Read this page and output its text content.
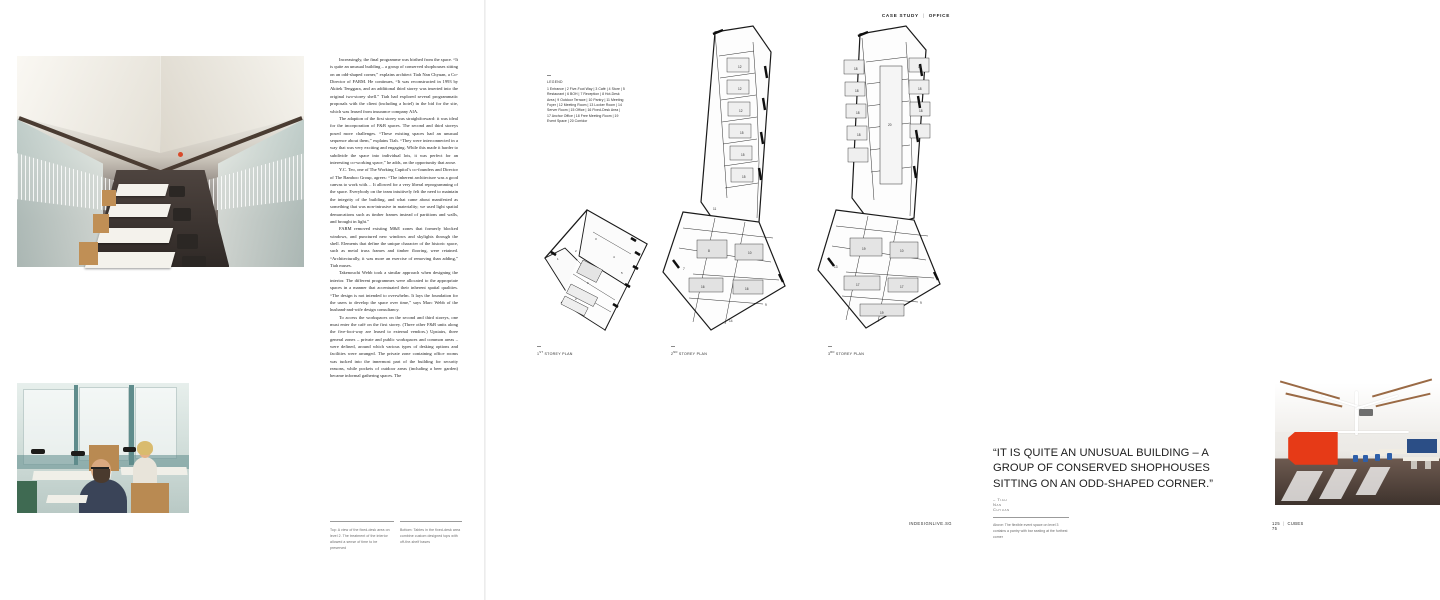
Increasingly, the final programme was birthed from the space. “It is quite an unusual building – a group of conserved shophouses sitting on an odd-shaped corner,” explains architect Tiah Nan Chyuan, a Co-Director of FARM. He continues, “It was reconstructed in 1993 by Akitek Tenggara, and an additional third storey was inserted into the original two-storey shell.” Tiah had explored several programmatic proposals with the client (including a hotel) in the bid for the site, which was leased from insurance company AIA.

The adaption of the first storey was straightforward: it was ideal for the incorporation of F&B spaces. The second and third storeys posed more challenges. “These existing spaces had an unusual sequence about them,” explains Tiah. “They were interconnected in a way that was very exciting and engaging. While this made it harder to subdivide the space into individual lots, it was perfect for an interesting co-working space,” he adds, on the opportunity that arose.

Y.C. Teo, one of The Working Capitol’s co-founders and Director of The Bamboo Group, agrees: “The inherent architecture was a good canvas to work with… It allowed for a very liberal reprogramming of the space. Everybody on the team intuitively felt the need to maintain the integrity of the building, and what came about manifested as something that was non-intrusive in materiality; we used light spatial demarcations such as timber frames instead of partitions and walls, and brought in light.”

FARM removed existing M&E zones that formerly blocked windows, and punctured new windows and skylights through the shell. Elements that define the unique character of the historic space, such as metal truss frames and timber flooring, were retained. “Architecturally, it was more an exercise of removing than adding,” Tiah muses.

Takenouchi Webb took a similar approach when designing the interior. The different programmes were allocated to the appropriate spaces in a manner that accentuated their inherent spatial qualities. “The design is not intended to overwhelm. It lays the foundation for the users to develop the space over time,” says Marc Webb of the husband-and-wife design consultancy.

To access the workspaces on the second and third storeys, one must enter the café on the first storey. (Three other F&B units along the five-foot-way are leased to external vendors.) Upstairs, three general zones – private and public workspaces and common areas – were defined, around which various types of desking options and facilities were arranged. The private zone containing office rooms was tucked into the innermost part of the building for security reasons, while pockets of outdoor areas (including a beer garden) became informal gathering spaces. The

Top: A view of the fixed-desk area on level 2. The treatment of the interior allowed a sense of time to be preserved
Bottom: Tables in the fixed-desk area combine custom designed tops with off-the-shelf bases
CASE STUDY | OFFICE
LEGEND
1 Entrance | 2 Five-Foot Way | 3 Café | 4 Store | 5 Restaurant | 6 BOH | 7 Reception | 8 Hot-Desk Area | 9 Outdoor Terrace | 10 Pantry | 11 Meeting Foyer | 12 Meeting Room | 13 Locker Room | 14 Server Room | 15 Office | 16 Fixed-Desk Area | 17 Anchor Office | 18 Free Meeting Room | 19 Event Space | 20 Corridor
1
2
3
4
5
6
2
1ST STOREY PLAN
12
12
12
15
15
15
11
8	10
16	16
7
9
14
2ND STOREY PLAN
18
18
18
18
18
18
18
20
19	10
17	17
13
9
19
3RD STOREY PLAN
“IT IS QUITE AN UNUSUAL BUILDING – A GROUP OF CONSERVED SHOPHOUSES SITTING ON AN ODD-SHAPED CORNER.”
– Tiah Nan Chyuan
Above: The flexible event space on level 3 contains a pantry with bar seating at the furthest corner
125 | CUBES 75
INDESIGNLIVE.SG
